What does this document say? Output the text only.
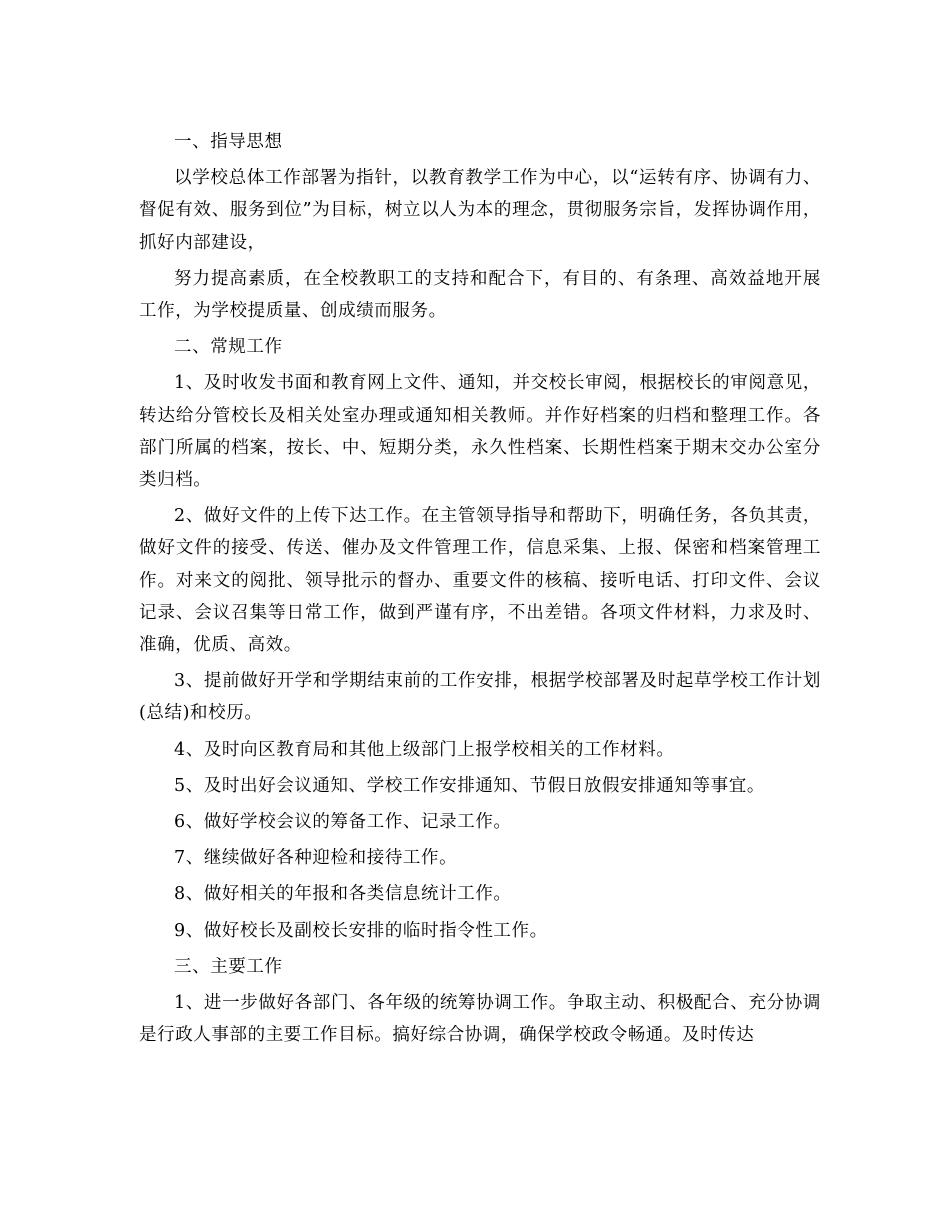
一、指导思想

以学校总体工作部署为指针，以教育教学工作为中心，以“运转有序、协调有力、督促有效、服务到位”为目标，树立以人为本的理念，贯彻服务宗旨，发挥协调作用，抓好内部建设，

努力提高素质，在全校教职工的支持和配合下，有目的、有条理、高效益地开展工作，为学校提质量、创成绩而服务。

二、常规工作

1、及时收发书面和教育网上文件、通知，并交校长审阅，根据校长的审阅意见，转达给分管校长及相关处室办理或通知相关教师。并作好档案的归档和整理工作。各部门所属的档案，按长、中、短期分类，永久性档案、长期性档案于期末交办公室分类归档。

2、做好文件的上传下达工作。在主管领导指导和帮助下，明确任务，各负其责，做好文件的接受、传送、催办及文件管理工作，信息采集、上报、保密和档案管理工作。对来文的阅批、领导批示的督办、重要文件的核稿、接听电话、打印文件、会议记录、会议召集等日常工作，做到严谨有序，不出差错。各项文件材料，力求及时、准确，优质、高效。

3、提前做好开学和学期结束前的工作安排，根据学校部署及时起草学校工作计划(总结)和校历。

4、及时向区教育局和其他上级部门上报学校相关的工作材料。

5、及时出好会议通知、学校工作安排通知、节假日放假安排通知等事宜。

6、做好学校会议的筹备工作、记录工作。

7、继续做好各种迎检和接待工作。

8、做好相关的年报和各类信息统计工作。

9、做好校长及副校长安排的临时指令性工作。

三、主要工作

1、进一步做好各部门、各年级的统筹协调工作。争取主动、积极配合、充分协调是行政人事部的主要工作目标。搞好综合协调，确保学校政令畅通。及时传达
